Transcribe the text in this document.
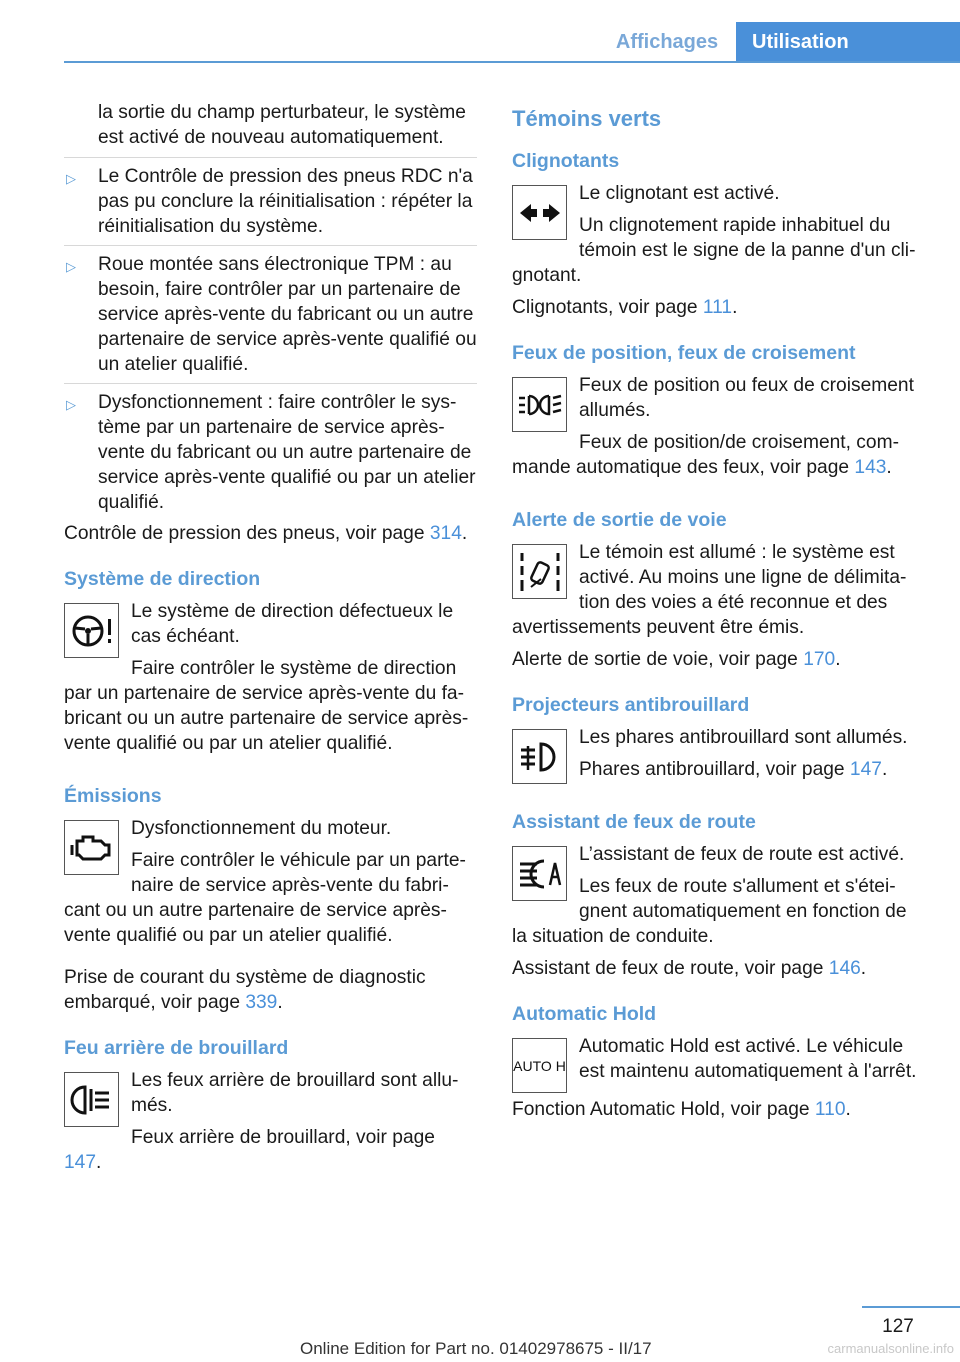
Affichages	Utilisation

la sortie du champ perturbateur, le système est activé de nouveau automatiquement.

▷ Le Contrôle de pression des pneus RDC n'a pas pu conclure la réinitialisation : répéter la réinitialisation du système.
▷ Roue montée sans électronique TPM : au besoin, faire contrôler par un partenaire de service après-vente du fabricant ou un autre partenaire de service après-vente qualifié ou un atelier qualifié.
▷ Dysfonctionnement : faire contrôler le système par un partenaire de service après-vente du fabricant ou un autre partenaire de service après-vente qualifié ou par un atelier qualifié.

Contrôle de pression des pneus, voir page 314.

Système de direction

Le système de direction défectueux le cas échéant.

Faire contrôler le système de direction par un partenaire de service après-vente du fabricant ou un autre partenaire de service après-vente qualifié ou par un atelier qualifié.

Émissions

Dysfonctionnement du moteur.

Faire contrôler le véhicule par un partenaire de service après-vente du fabricant ou un autre partenaire de service après-vente qualifié ou par un atelier qualifié.

Prise de courant du système de diagnostic embarqué, voir page 339.

Feu arrière de brouillard

Les feux arrière de brouillard sont allumés.

Feux arrière de brouillard, voir page 147.

Témoins verts
Clignotants

Le clignotant est activé.

Un clignotement rapide inhabituel du témoin est le signe de la panne d'un clignotant.

Clignotants, voir page 111.

Feux de position, feux de croisement

Feux de position ou feux de croisement allumés.

Feux de position/de croisement, commande automatique des feux, voir page 143.

Alerte de sortie de voie

Le témoin est allumé : le système est activé. Au moins une ligne de délimitation des voies a été reconnue et des avertissements peuvent être émis.

Alerte de sortie de voie, voir page 170.

Projecteurs antibrouillard

Les phares antibrouillard sont allumés.

Phares antibrouillard, voir page 147.

Assistant de feux de route

L’assistant de feux de route est activé.

Les feux de route s'allument et s'éteignent automatiquement en fonction de la situation de conduite.

Assistant de feux de route, voir page 146.

Automatic Hold
AUTO H

Automatic Hold est activé. Le véhicule est maintenu automatiquement à l'arrêt.

Fonction Automatic Hold, voir page 110.

127
Online Edition for Part no. 01402978675 - II/17	carmanualsonline.info
